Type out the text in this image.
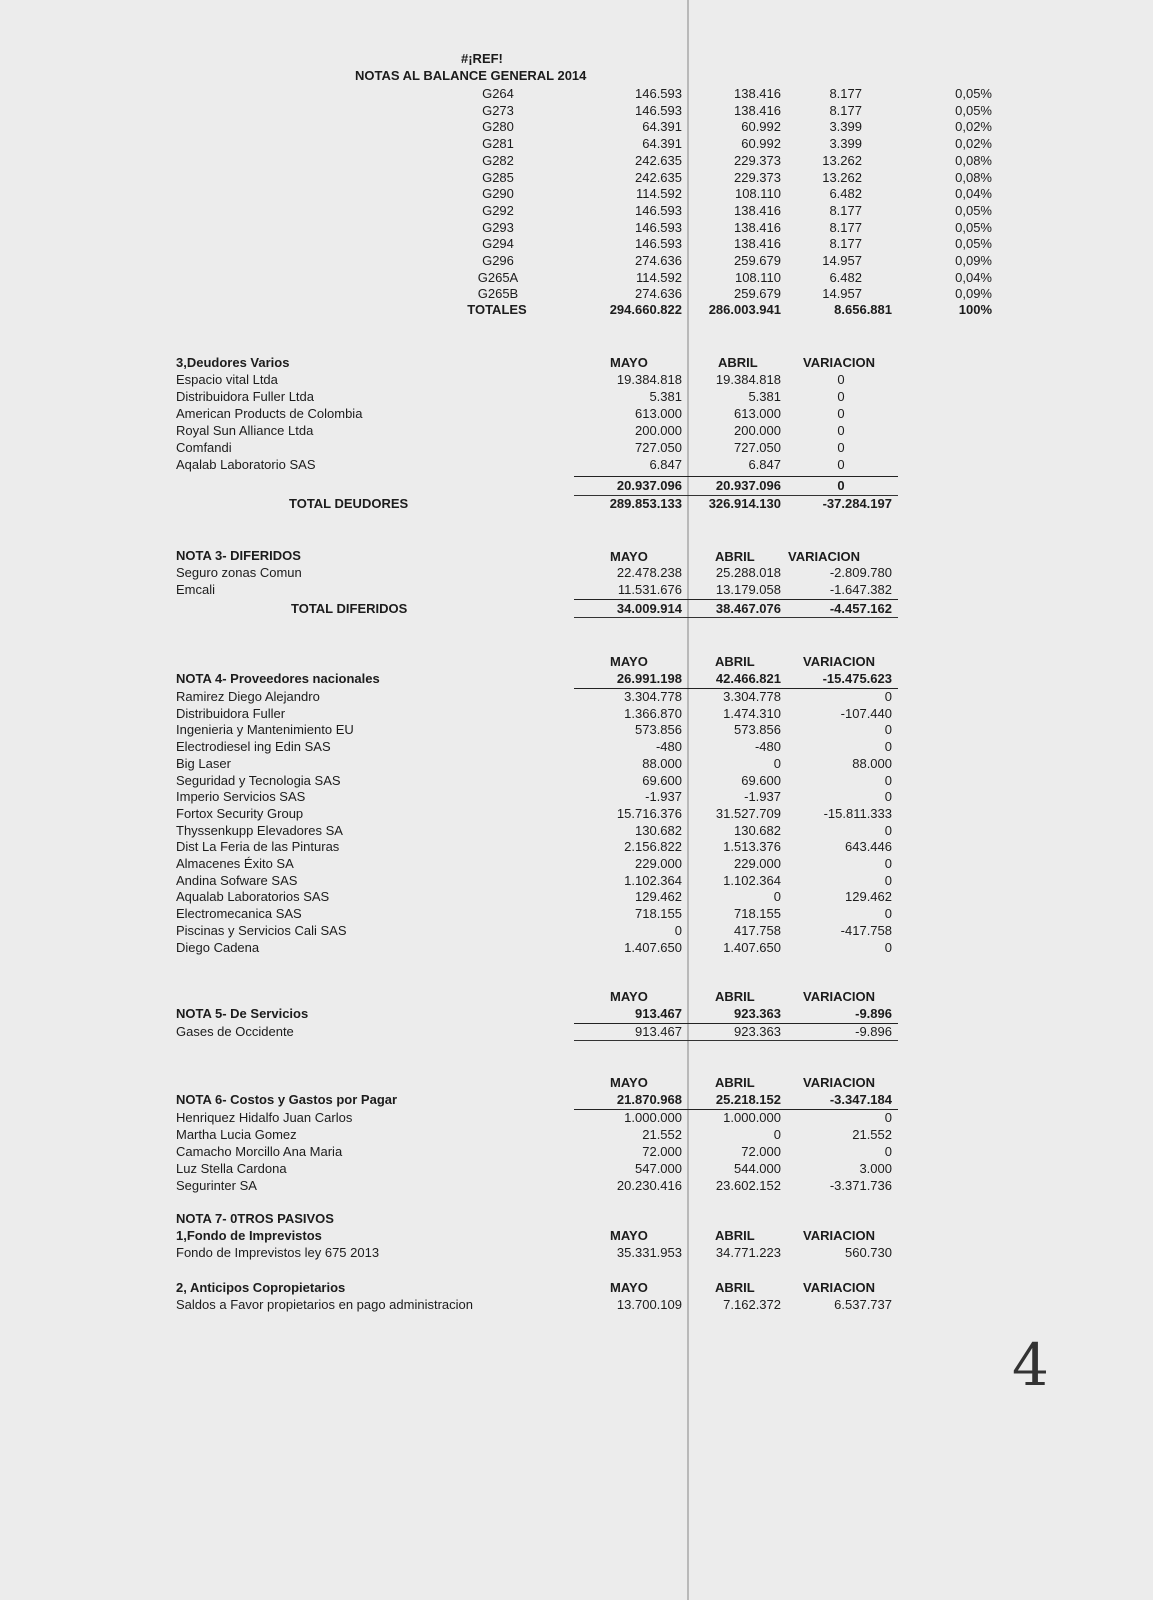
#¡REF!
NOTAS AL BALANCE GENERAL 2014
G264	146.593	138.416	8.177	0,05%
G273	146.593	138.416	8.177	0,05%
G280	64.391	60.992	3.399	0,02%
G281	64.391	60.992	3.399	0,02%
G282	242.635	229.373	13.262	0,08%
G285	242.635	229.373	13.262	0,08%
G290	114.592	108.110	6.482	0,04%
G292	146.593	138.416	8.177	0,05%
G293	146.593	138.416	8.177	0,05%
G294	146.593	138.416	8.177	0,05%
G296	274.636	259.679	14.957	0,09%
G265A	114.592	108.110	6.482	0,04%
G265B	274.636	259.679	14.957	0,09%
TOTALES	294.660.822	286.003.941	8.656.881	100%
3,Deudores Varios	MAYO	ABRIL	VARIACION
Espacio vital Ltda	19.384.818	19.384.818	0
Distribuidora Fuller Ltda	5.381	5.381	0
American Products de Colombia	613.000	613.000	0
Royal Sun Alliance Ltda	200.000	200.000	0
Comfandi	727.050	727.050	0
Aqalab Laboratorio SAS	6.847	6.847	0
20.937.096	20.937.096	0
TOTAL DEUDORES	289.853.133	326.914.130	-37.284.197
NOTA 3- DIFERIDOS	MAYO	ABRIL	VARIACION
Seguro zonas Comun	22.478.238	25.288.018	-2.809.780
Emcali	11.531.676	13.179.058	-1.647.382
TOTAL DIFERIDOS	34.009.914	38.467.076	-4.457.162
MAYO	ABRIL	VARIACION
NOTA 4- Proveedores nacionales	26.991.198	42.466.821	-15.475.623
Ramirez Diego Alejandro	3.304.778	3.304.778	0
Distribuidora Fuller	1.366.870	1.474.310	-107.440
Ingenieria y Mantenimiento EU	573.856	573.856	0
Electrodiesel ing Edin SAS	-480	-480	0
Big Laser	88.000	0	88.000
Seguridad y Tecnologia SAS	69.600	69.600	0
Imperio Servicios SAS	-1.937	-1.937	0
Fortox Security Group	15.716.376	31.527.709	-15.811.333
Thyssenkupp Elevadores SA	130.682	130.682	0
Dist La Feria de las Pinturas	2.156.822	1.513.376	643.446
Almacenes Éxito SA	229.000	229.000	0
Andina Sofware SAS	1.102.364	1.102.364	0
Aqualab Laboratorios SAS	129.462	0	129.462
Electromecanica SAS	718.155	718.155	0
Piscinas y Servicios Cali SAS	0	417.758	-417.758
Diego Cadena	1.407.650	1.407.650	0
MAYO	ABRIL	VARIACION
NOTA 5- De Servicios	913.467	923.363	-9.896
Gases de Occidente	913.467	923.363	-9.896
MAYO	ABRIL	VARIACION
NOTA 6- Costos y Gastos por Pagar	21.870.968	25.218.152	-3.347.184
Henriquez Hidalfo Juan Carlos	1.000.000	1.000.000	0
Martha Lucia Gomez	21.552	0	21.552
Camacho Morcillo Ana Maria	72.000	72.000	0
Luz Stella Cardona	547.000	544.000	3.000
Segurinter SA	20.230.416	23.602.152	-3.371.736
NOTA 7- 0TROS PASIVOS
1,Fondo de Imprevistos	MAYO	ABRIL	VARIACION
Fondo de Imprevistos ley 675 2013	35.331.953	34.771.223	560.730
2, Anticipos Copropietarios	MAYO	ABRIL	VARIACION
Saldos a Favor propietarios en pago administracion	13.700.109	7.162.372	6.537.737
4
